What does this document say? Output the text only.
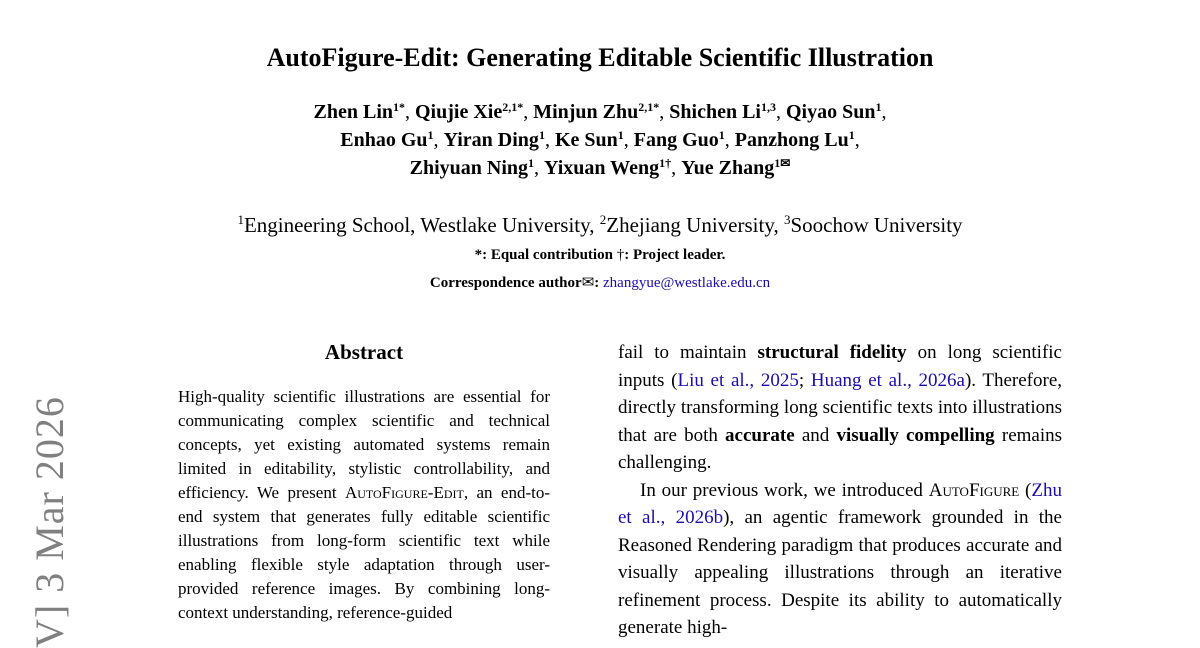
V] 3 Mar 2026
AutoFigure-Edit: Generating Editable Scientific Illustration
Zhen Lin$^{1*}$, Qiujie Xie$^{2,1*}$, Minjun Zhu$^{2,1*}$, Shichen Li$^{1,3}$, Qiyao Sun$^1$,
Enhao Gu$^1$, Yiran Ding$^1$, Ke Sun$^1$, Fang Guo$^1$, Panzhong Lu$^1$,
Zhiyuan Ning$^1$, Yixuan Weng$^{1\dagger}$, Yue Zhang$^{1✉}$
$^1$Engineering School, Westlake University, $^2$Zhejiang University, $^3$Soochow University
*: Equal contribution †: Project leader.
Correspondence author✉: zhangyue@westlake.edu.cn
Abstract
High-quality scientific illustrations are essential for communicating complex scientific and technical concepts, yet existing automated systems remain limited in editability, stylistic controllability, and efficiency. We present AutoFigure-Edit, an end-to-end system that generates fully editable scientific illustrations from long-form scientific text while enabling flexible style adaptation through user-provided reference images. By combining long-context understanding, reference-guided

fail to maintain structural fidelity on long scientific inputs (Liu et al., 2025; Huang et al., 2026a). Therefore, directly transforming long scientific texts into illustrations that are both accurate and visually compelling remains challenging.

In our previous work, we introduced AutoFigure (Zhu et al., 2026b), an agentic framework grounded in the Reasoned Rendering paradigm that produces accurate and visually appealing illustrations through an iterative refinement process. Despite its ability to automatically generate high-
